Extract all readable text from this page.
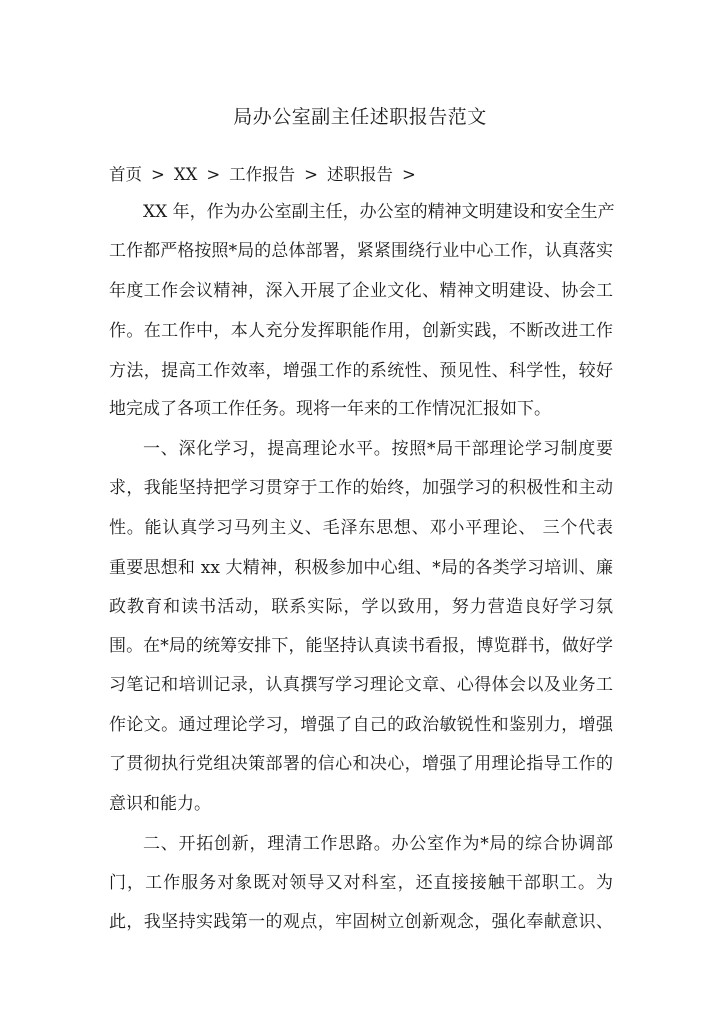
局办公室副主任述职报告范文
首页 > XX > 工作报告 > 述职报告 >
XX 年，作为办公室副主任，办公室的精神文明建设和安全生产
工作都严格按照*局的总体部署，紧紧围绕行业中心工作，认真落实
年度工作会议精神，深入开展了企业文化、精神文明建设、协会工
作。在工作中，本人充分发挥职能作用，创新实践，不断改进工作
方法，提高工作效率，增强工作的系统性、预见性、科学性，较好
地完成了各项工作任务。现将一年来的工作情况汇报如下。
一、深化学习，提高理论水平。按照*局干部理论学习制度要
求，我能坚持把学习贯穿于工作的始终，加强学习的积极性和主动
性。能认真学习马列主义、毛泽东思想、邓小平理论、 三个代表
重要思想和 xx 大精神，积极参加中心组、*局的各类学习培训、廉
政教育和读书活动，联系实际，学以致用，努力营造良好学习氛
围。在*局的统筹安排下，能坚持认真读书看报，博览群书，做好学
习笔记和培训记录，认真撰写学习理论文章、心得体会以及业务工
作论文。通过理论学习，增强了自己的政治敏锐性和鉴别力，增强
了贯彻执行党组决策部署的信心和决心，增强了用理论指导工作的
意识和能力。
二、开拓创新，理清工作思路。办公室作为*局的综合协调部
门，工作服务对象既对领导又对科室，还直接接触干部职工。为
此，我坚持实践第一的观点，牢固树立创新观念，强化奉献意识、
